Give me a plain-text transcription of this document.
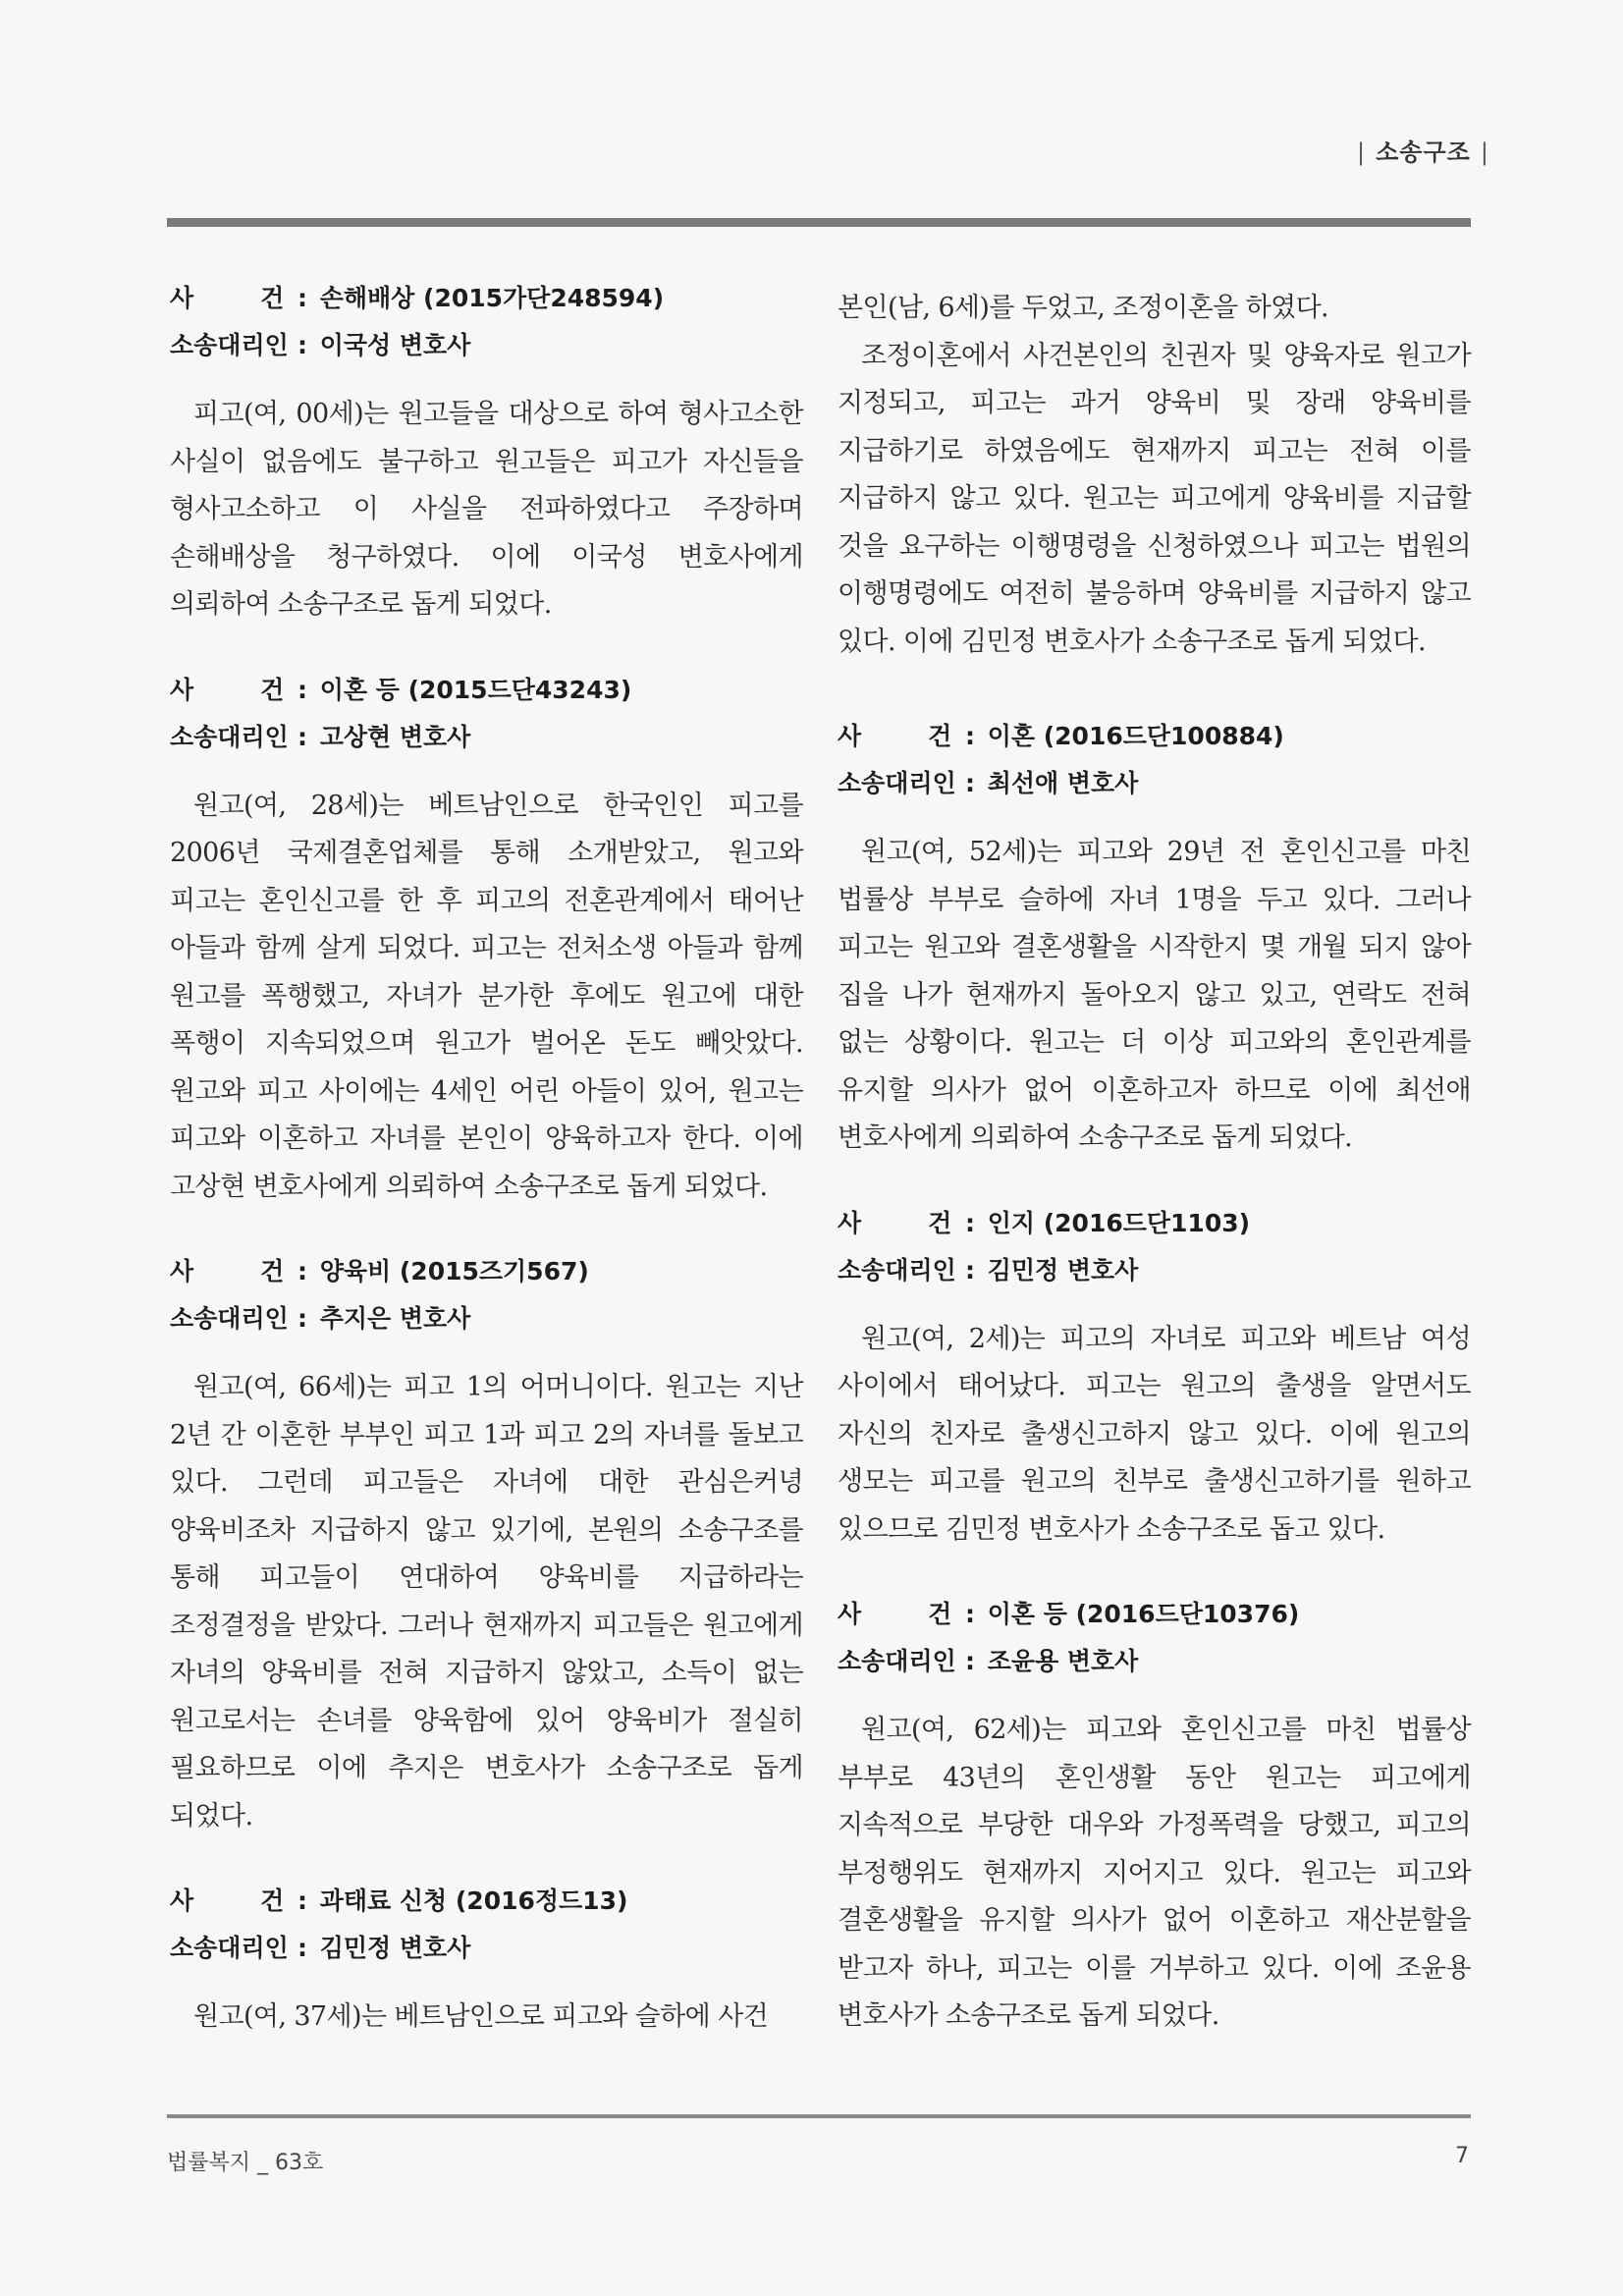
| 소송구조 |
사	건 : 손해배상 (2015가단248594)
소송대리인 : 이국성 변호사
피고(여, 00세)는 원고들을 대상으로 하여 형사고소한 사실이 없음에도 불구하고 원고들은 피고가 자신들을 형사고소하고 이 사실을 전파하였다고 주장하며 손해배상을 청구하였다. 이에 이국성 변호사에게 의뢰하여 소송구조로 돕게 되었다.
사	건 : 이혼 등 (2015드단43243)
소송대리인 : 고상현 변호사
원고(여, 28세)는 베트남인으로 한국인인 피고를 2006년 국제결혼업체를 통해 소개받았고, 원고와 피고는 혼인신고를 한 후 피고의 전혼관계에서 태어난 아들과 함께 살게 되었다. 피고는 전처소생 아들과 함께 원고를 폭행했고, 자녀가 분가한 후에도 원고에 대한 폭행이 지속되었으며 원고가 벌어온 돈도 빼앗았다. 원고와 피고 사이에는 4세인 어린 아들이 있어, 원고는 피고와 이혼하고 자녀를 본인이 양육하고자 한다. 이에 고상현 변호사에게 의뢰하여 소송구조로 돕게 되었다.
사	건 : 양육비 (2015즈기567)
소송대리인 : 추지은 변호사
원고(여, 66세)는 피고 1의 어머니이다. 원고는 지난 2년 간 이혼한 부부인 피고 1과 피고 2의 자녀를 돌보고 있다. 그런데 피고들은 자녀에 대한 관심은커녕 양육비조차 지급하지 않고 있기에, 본원의 소송구조를 통해 피고들이 연대하여 양육비를 지급하라는 조정결정을 받았다. 그러나 현재까지 피고들은 원고에게 자녀의 양육비를 전혀 지급하지 않았고, 소득이 없는 원고로서는 손녀를 양육함에 있어 양육비가 절실히 필요하므로 이에 추지은 변호사가 소송구조로 돕게 되었다.
사	건 : 과태료 신청 (2016정드13)
소송대리인 : 김민정 변호사
원고(여, 37세)는 베트남인으로 피고와 슬하에 사건

본인(남, 6세)를 두었고, 조정이혼을 하였다.

조정이혼에서 사건본인의 친권자 및 양육자로 원고가 지정되고, 피고는 과거 양육비 및 장래 양육비를 지급하기로 하였음에도 현재까지 피고는 전혀 이를 지급하지 않고 있다. 원고는 피고에게 양육비를 지급할 것을 요구하는 이행명령을 신청하였으나 피고는 법원의 이행명령에도 여전히 불응하며 양육비를 지급하지 않고 있다. 이에 김민정 변호사가 소송구조로 돕게 되었다.

사	건 : 이혼 (2016드단100884)
소송대리인 : 최선애 변호사
원고(여, 52세)는 피고와 29년 전 혼인신고를 마친 법률상 부부로 슬하에 자녀 1명을 두고 있다. 그러나 피고는 원고와 결혼생활을 시작한지 몇 개월 되지 않아 집을 나가 현재까지 돌아오지 않고 있고, 연락도 전혀 없는 상황이다. 원고는 더 이상 피고와의 혼인관계를 유지할 의사가 없어 이혼하고자 하므로 이에 최선애 변호사에게 의뢰하여 소송구조로 돕게 되었다.
사	건 : 인지 (2016드단1103)
소송대리인 : 김민정 변호사
원고(여, 2세)는 피고의 자녀로 피고와 베트남 여성 사이에서 태어났다. 피고는 원고의 출생을 알면서도 자신의 친자로 출생신고하지 않고 있다. 이에 원고의 생모는 피고를 원고의 친부로 출생신고하기를 원하고 있으므로 김민정 변호사가 소송구조로 돕고 있다.
사	건 : 이혼 등 (2016드단10376)
소송대리인 : 조윤용 변호사
원고(여, 62세)는 피고와 혼인신고를 마친 법률상 부부로 43년의 혼인생활 동안 원고는 피고에게 지속적으로 부당한 대우와 가정폭력을 당했고, 피고의 부정행위도 현재까지 지어지고 있다. 원고는 피고와 결혼생활을 유지할 의사가 없어 이혼하고 재산분할을 받고자 하나, 피고는 이를 거부하고 있다. 이에 조윤용 변호사가 소송구조로 돕게 되었다.
법률복지 _ 63호	7
